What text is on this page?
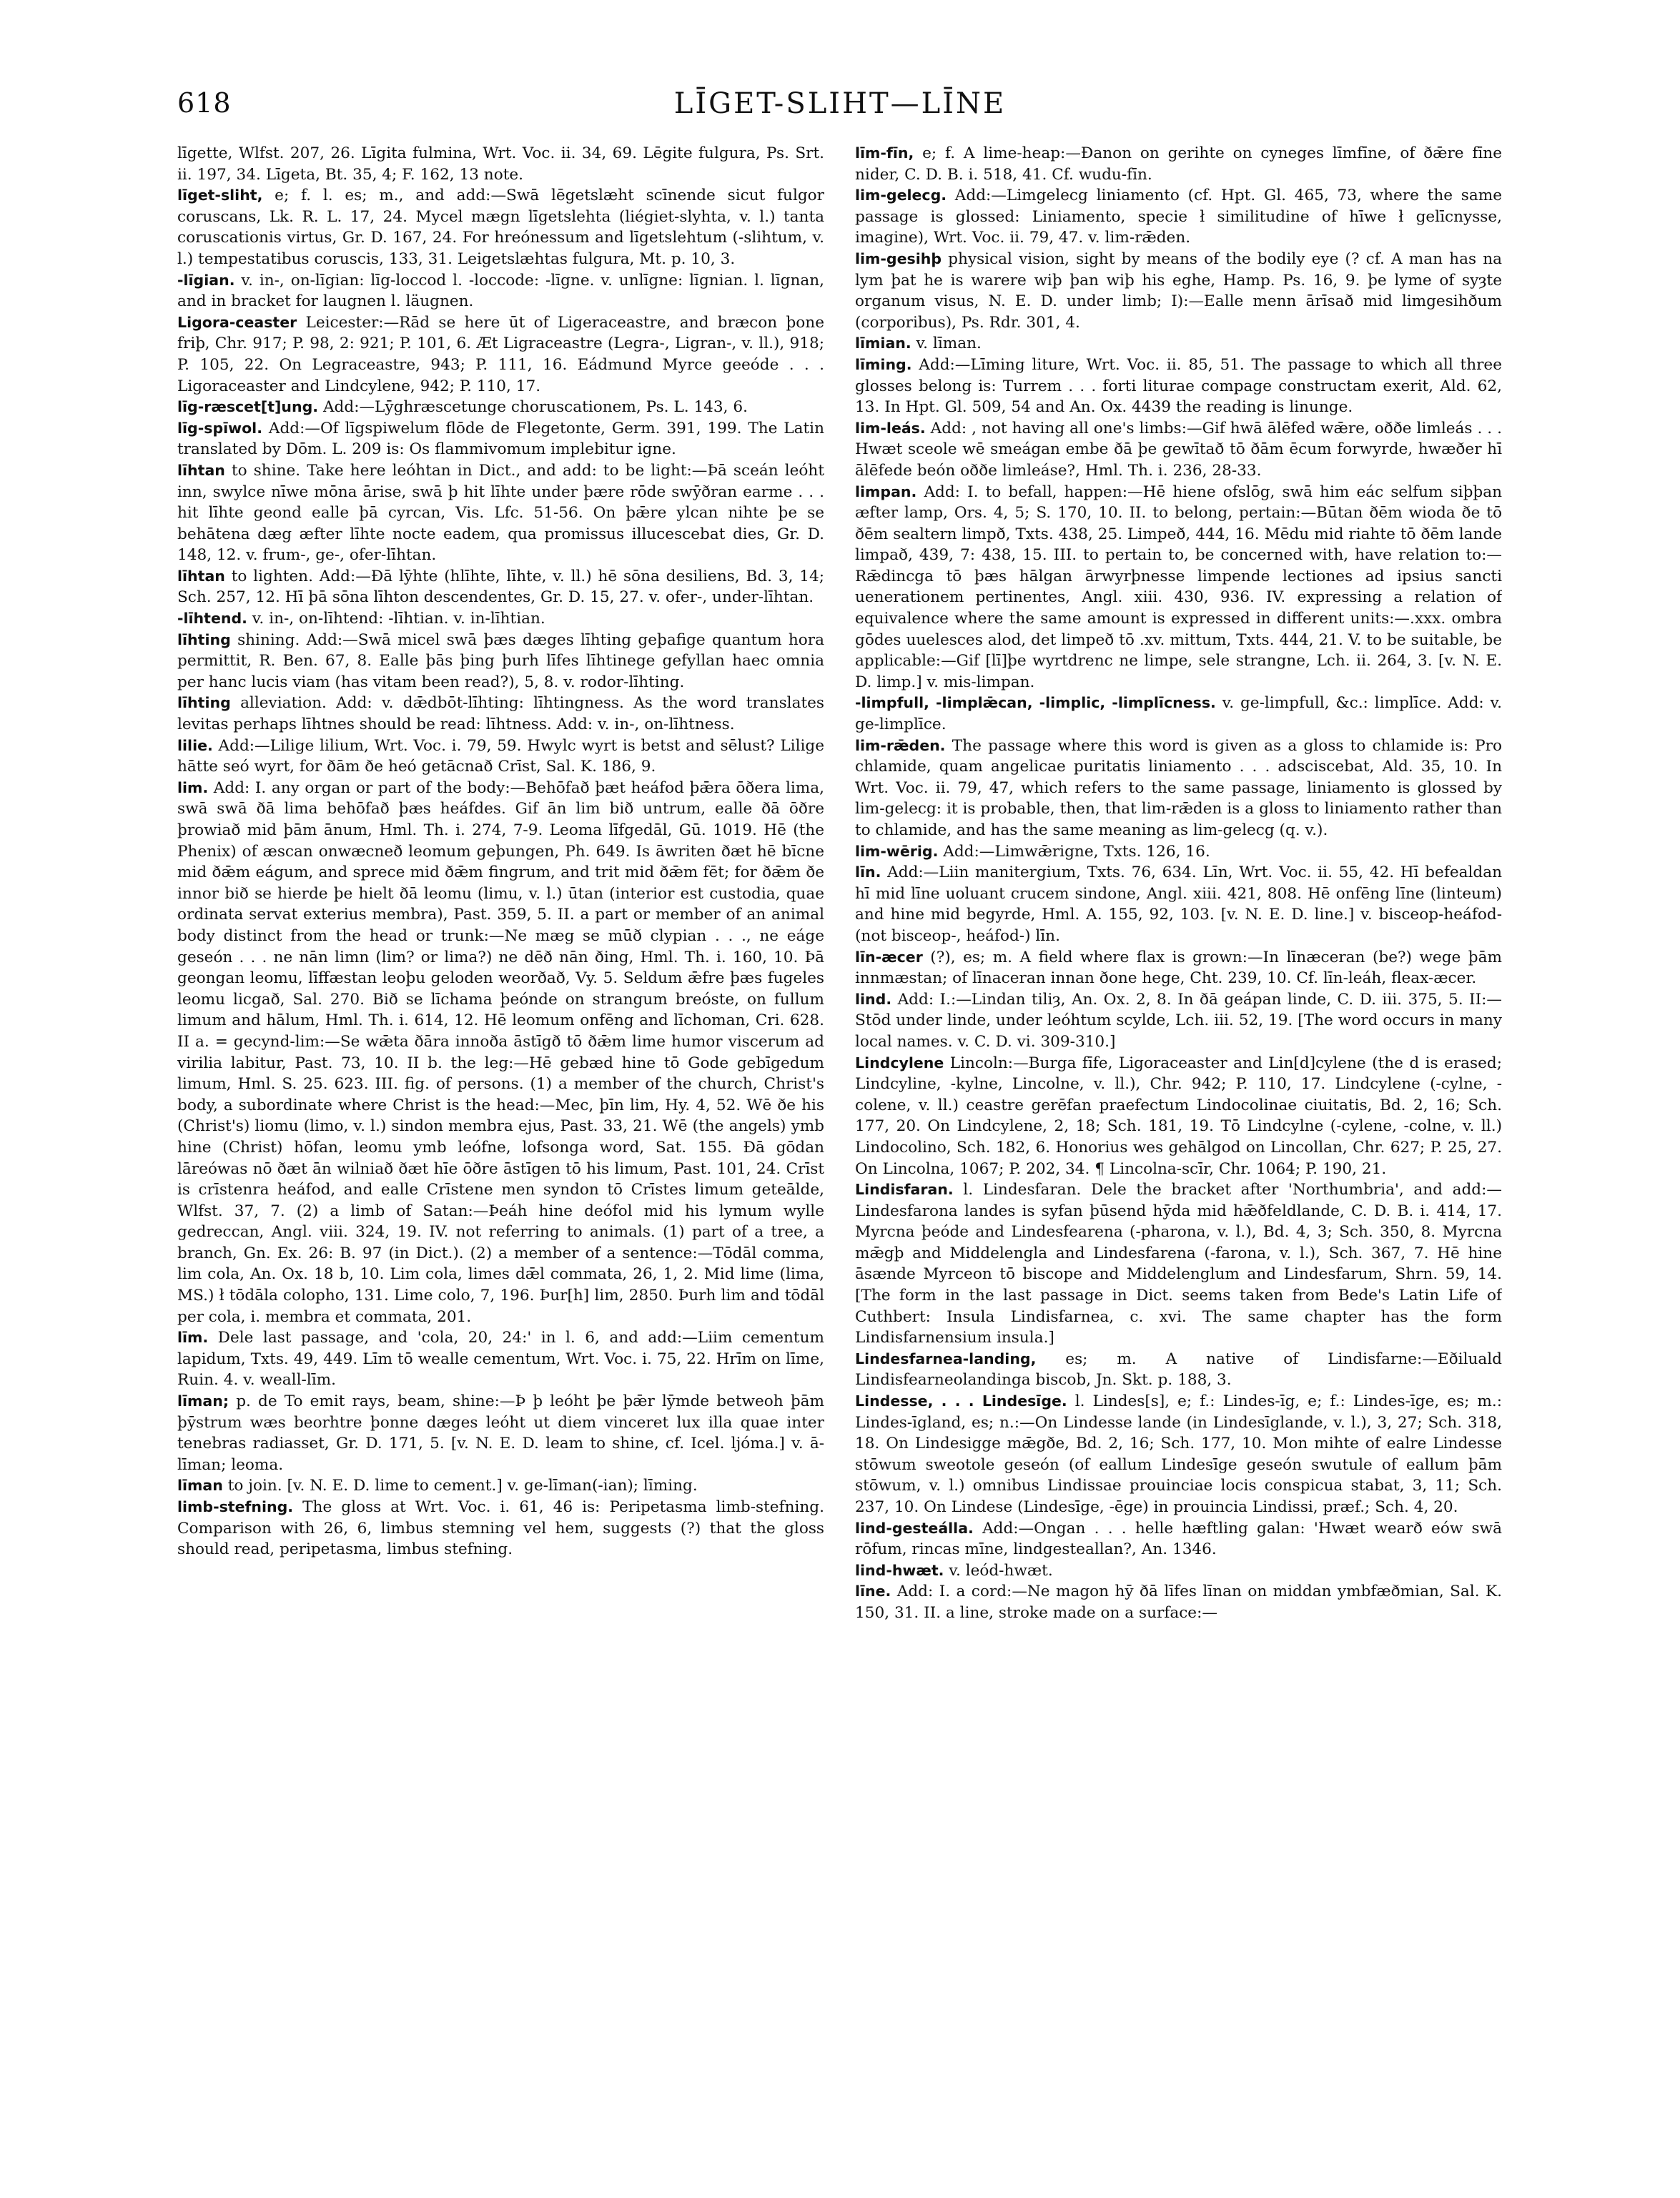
618	LĪGET-SLIHT—LĪNE

līgette, Wlfst. 207, 26. Līgita fulmina, Wrt. Voc. ii. 34, 69. Lēgite fulgura, Ps. Srt. ii. 197, 34. Līgeta, Bt. 35, 4; F. 162, 13 note.

līget-sliht, e; f. l. es; m., and add:—Swā lēgetslæht scīnende sicut fulgor coruscans, Lk. R. L. 17, 24. Mycel mægn līgetslehta (liégiet-slyhta, v. l.) tanta coruscationis virtus, Gr. D. 167, 24. For hreónessum and līgetslehtum (-slihtum, v. l.) tempestatibus coruscis, 133, 31. Leigetslæhtas fulgura, Mt. p. 10, 3.

-līgian. v. in-, on-līgian: līg-loccod l. -loccode: -līgne. v. unlīgne: līgnian. l. līgnan, and in bracket for laugnen l. läugnen.

Ligora-ceaster Leicester:—Rād se here ūt of Ligeraceastre, and bræcon þone friþ, Chr. 917; P. 98, 2: 921; P. 101, 6. Æt Ligraceastre (Legra-, Ligran-, v. ll.), 918; P. 105, 22. On Legraceastre, 943; P. 111, 16. Eádmund Myrce geeóde . . . Ligoraceaster and Lindcylene, 942; P. 110, 17.

līg-ræscet[t]ung. Add:—Lȳghræscetunge choruscationem, Ps. L. 143, 6.

līg-spīwol. Add:—Of līgspiwelum flōde de Flegetonte, Germ. 391, 199. The Latin translated by Dōm. L. 209 is: Os flammivomum implebitur igne.

līhtan to shine. Take here leóhtan in Dict., and add: to be light:—Þā sceán leóht inn, swylce nīwe mōna ārise, swā þ hit līhte under þære rōde swȳðran earme . . . hit līhte geond ealle þā cyrcan, Vis. Lfc. 51-56. On þǣre ylcan nihte þe se behātena dæg æfter līhte nocte eadem, qua promissus illucescebat dies, Gr. D. 148, 12. v. frum-, ge-, ofer-līhtan.

līhtan to lighten. Add:—Ðā lȳhte (hlīhte, līhte, v. ll.) hē sōna desiliens, Bd. 3, 14; Sch. 257, 12. Hī þā sōna līhton descendentes, Gr. D. 15, 27. v. ofer-, under-līhtan.

-līhtend. v. in-, on-līhtend: -līhtian. v. in-līhtian.

līhting shining. Add:—Swā micel swā þæs dæges līhting geþafige quantum hora permittit, R. Ben. 67, 8. Ealle þās þing þurh līfes līhtinege gefyllan haec omnia per hanc lucis viam (has vitam been read?), 5, 8. v. rodor-līhting.

līhting alleviation. Add: v. dǣdbōt-līhting: līhtingness. As the word translates levitas perhaps līhtnes should be read: līhtness. Add: v. in-, on-līhtness.

lilie. Add:—Lilige lilium, Wrt. Voc. i. 79, 59. Hwylc wyrt is betst and sēlust? Lilige hātte seó wyrt, for ðām ðe heó getācnað Crīst, Sal. K. 186, 9.

lim. Add: I. any organ or part of the body:—Behōfað þæt heáfod þǣra ōðera lima, swā swā ðā lima behōfað þæs heáfdes. Gif ān lim bið untrum, ealle ðā ōðre þrowiað mid þām ānum, Hml. Th. i. 274, 7-9. Leoma līfgedāl, Gū. 1019. Hē (the Phenix) of æscan onwæcneð leomum geþungen, Ph. 649. Is āwriten ðæt hē bīcne mid ðǣm eágum, and sprece mid ðǣm fingrum, and trit mid ðǣm fēt; for ðǣm ðe innor bið se hierde þe hielt ðā leomu (limu, v. l.) ūtan (interior est custodia, quae ordinata servat exterius membra), Past. 359, 5. II. a part or member of an animal body distinct from the head or trunk:—Ne mæg se mūð clypian . . ., ne eáge geseón . . . ne nān limn (lim? or lima?) ne dēð nān ðing, Hml. Th. i. 160, 10. Þā geongan leomu, līffæstan leoþu geloden weorðað, Vy. 5. Seldum ǣfre þæs fugeles leomu licgað, Sal. 270. Bið se līchama þeónde on strangum breóste, on fullum limum and hālum, Hml. Th. i. 614, 12. Hē leomum onfēng and līchoman, Cri. 628. II a. = gecynd-lim:—Se wǣta ðāra innoða āstīgð tō ðǣm lime humor viscerum ad virilia labitur, Past. 73, 10. II b. the leg:—Hē gebæd hine tō Gode gebīgedum limum, Hml. S. 25. 623. III. fig. of persons. (1) a member of the church, Christ's body, a subordinate where Christ is the head:—Mec, þīn lim, Hy. 4, 52. Wē ðe his (Christ's) liomu (limo, v. l.) sindon membra ejus, Past. 33, 21. Wē (the angels) ymb hine (Christ) hōfan, leomu ymb leófne, lofsonga word, Sat. 155. Ðā gōdan lāreówas nō ðæt ān wilniað ðæt hīe ōðre āstīgen tō his limum, Past. 101, 24. Crīst is crīstenra heáfod, and ealle Crīstene men syndon tō Crīstes limum geteālde, Wlfst. 37, 7. (2) a limb of Satan:—Þeáh hine deófol mid his lymum wylle gedreccan, Angl. viii. 324, 19. IV. not referring to animals. (1) part of a tree, a branch, Gn. Ex. 26: B. 97 (in Dict.). (2) a member of a sentence:—Tōdāl comma, lim cola, An. Ox. 18 b, 10. Lim cola, limes dǣl commata, 26, 1, 2. Mid lime (lima, MS.) ł tōdāla colopho, 131. Lime colo, 7, 196. Þur[h] lim, 2850. Þurh lim and tōdāl per cola, i. membra et commata, 201.

līm. Dele last passage, and 'cola, 20, 24:' in l. 6, and add:—Liim cementum lapidum, Txts. 49, 449. Līm tō wealle cementum, Wrt. Voc. i. 75, 22. Hrīm on līme, Ruin. 4. v. weall-līm.

līman; p. de To emit rays, beam, shine:—Þ þ leóht þe þǣr lȳmde betweoh þām þȳstrum wæs beorhtre þonne dæges leóht ut diem vinceret lux illa quae inter tenebras radiasset, Gr. D. 171, 5. [v. N. E. D. leam to shine, cf. Icel. ljóma.] v. ā-līman; leoma.

līman to join. [v. N. E. D. lime to cement.] v. ge-līman(-ian); līming.

limb-stefning. The gloss at Wrt. Voc. i. 61, 46 is: Peripetasma limb-stefning. Comparison with 26, 6, limbus stemning vel hem, suggests (?) that the gloss should read, peripetasma, limbus stefning.

līm-fīn, e; f. A lime-heap:—Ðanon on gerihte on cyneges līmfīne, of ðǣre fīne nider, C. D. B. i. 518, 41. Cf. wudu-fīn.

lim-gelecg. Add:—Limgelecg liniamento (cf. Hpt. Gl. 465, 73, where the same passage is glossed: Liniamento, specie ł similitudine of hīwe ł gelīcnysse, imagine), Wrt. Voc. ii. 79, 47. v. lim-rǣden.

lim-gesihþ physical vision, sight by means of the bodily eye (? cf. A man has na lym þat he is warere wiþ þan wiþ his eghe, Hamp. Ps. 16, 9. þe lyme of syȝte organum visus, N. E. D. under limb; I):—Ealle menn ārīsað mid limgesihðum (corporibus), Ps. Rdr. 301, 4.

līmian. v. līman.

līming. Add:—Līming liture, Wrt. Voc. ii. 85, 51. The passage to which all three glosses belong is: Turrem . . . forti liturae compage constructam exerit, Ald. 62, 13. In Hpt. Gl. 509, 54 and An. Ox. 4439 the reading is linunge.

lim-leás. Add: , not having all one's limbs:—Gif hwā ālēfed wǣre, oððe limleás . . . Hwæt sceole wē smeágan embe ðā þe gewītað tō ðām ēcum forwyrde, hwæðer hī ālēfede beón oððe limleáse?, Hml. Th. i. 236, 28-33.

limpan. Add: I. to befall, happen:—Hē hiene ofslōg, swā him eác selfum siþþan æfter lamp, Ors. 4, 5; S. 170, 10. II. to belong, pertain:—Būtan ðēm wioda ðe tō ðēm sealtern limpð, Txts. 438, 25. Limpeð, 444, 16. Mēdu mid riahte tō ðēm lande limpað, 439, 7: 438, 15. III. to pertain to, be concerned with, have relation to:—Rǣdincga tō þæs hālgan ārwyrþnesse limpende lectiones ad ipsius sancti uenerationem pertinentes, Angl. xiii. 430, 936. IV. expressing a relation of equivalence where the same amount is expressed in different units:—.xxx. ombra gōdes uuelesces alod, det limpeð tō .xv. mittum, Txts. 444, 21. V. to be suitable, be applicable:—Gif [lī]þe wyrtdrenc ne limpe, sele strangne, Lch. ii. 264, 3. [v. N. E. D. limp.] v. mis-limpan.

-limpfull, -limplǣcan, -limplic, -limplīcness. v. ge-limpfull, &c.: limplīce. Add: v. ge-limplīce.

lim-rǣden. The passage where this word is given as a gloss to chlamide is: Pro chlamide, quam angelicae puritatis liniamento . . . adsciscebat, Ald. 35, 10. In Wrt. Voc. ii. 79, 47, which refers to the same passage, liniamento is glossed by lim-gelecg: it is probable, then, that lim-rǣden is a gloss to liniamento rather than to chlamide, and has the same meaning as lim-gelecg (q. v.).

lim-wērig. Add:—Limwǣrigne, Txts. 126, 16.

līn. Add:—Liin manitergium, Txts. 76, 634. Līn, Wrt. Voc. ii. 55, 42. Hī befealdan hī mid līne uoluant crucem sindone, Angl. xiii. 421, 808. Hē onfēng līne (linteum) and hine mid begyrde, Hml. A. 155, 92, 103. [v. N. E. D. line.] v. bisceop-heáfod- (not bisceop-, heáfod-) līn.

līn-æcer (?), es; m. A field where flax is grown:—In līnæceran (be?) wege þām innmæstan; of līnaceran innan ðone hege, Cht. 239, 10. Cf. līn-leáh, fleax-æcer.

lind. Add: I.:—Lindan tiliȝ, An. Ox. 2, 8. In ðā geápan linde, C. D. iii. 375, 5. II:—Stōd under linde, under leóhtum scylde, Lch. iii. 52, 19. [The word occurs in many local names. v. C. D. vi. 309-310.]

Lindcylene Lincoln:—Burga fīfe, Ligoraceaster and Lin[d]cylene (the d is erased; Lindcyline, -kylne, Lincolne, v. ll.), Chr. 942; P. 110, 17. Lindcylene (-cylne, -colene, v. ll.) ceastre gerēfan praefectum Lindocolinae ciuitatis, Bd. 2, 16; Sch. 177, 20. On Lindcylene, 2, 18; Sch. 181, 19. Tō Lindcylne (-cylene, -colne, v. ll.) Lindocolino, Sch. 182, 6. Honorius wes gehālgod on Lincollan, Chr. 627; P. 25, 27. On Lincolna, 1067; P. 202, 34. ¶ Lincolna-scīr, Chr. 1064; P. 190, 21.

Lindisfaran. l. Lindesfaran. Dele the bracket after 'Northumbria', and add:—Lindesfarona landes is syfan þūsend hȳda mid hǣðfeldlande, C. D. B. i. 414, 17. Myrcna þeóde and Lindesfearena (-pharona, v. l.), Bd. 4, 3; Sch. 350, 8. Myrcna mǣgþ and Middelengla and Lindesfarena (-farona, v. l.), Sch. 367, 7. Hē hine āsænde Myrceon tō biscope and Middelenglum and Lindesfarum, Shrn. 59, 14. [The form in the last passage in Dict. seems taken from Bede's Latin Life of Cuthbert: Insula Lindisfarnea, c. xvi. The same chapter has the form Lindisfarnensium insula.]

Lindesfarnea-landing, es; m. A native of Lindisfarne:—Eðiluald Lindisfearneolandinga biscob, Jn. Skt. p. 188, 3.

Lindesse, . . . Lindesīge. l. Lindes[s], e; f.: Lindes-īg, e; f.: Lindes-īge, es; m.: Lindes-īgland, es; n.:—On Lindesse lande (in Lindesīglande, v. l.), 3, 27; Sch. 318, 18. On Lindesigge mǣgðe, Bd. 2, 16; Sch. 177, 10. Mon mihte of ealre Lindesse stōwum sweotole geseón (of eallum Lindesīge geseón swutule of eallum þām stōwum, v. l.) omnibus Lindissae prouinciae locis conspicua stabat, 3, 11; Sch. 237, 10. On Lindese (Lindesīge, -ēge) in prouincia Lindissi, præf.; Sch. 4, 20.

lind-gesteálla. Add:—Ongan . . . helle hæftling galan: 'Hwæt wearð eów swā rōfum, rincas mīne, lindgesteallan?, An. 1346.

lind-hwæt. v. leód-hwæt.

līne. Add: I. a cord:—Ne magon hȳ ðā līfes līnan on middan ymbfæðmian, Sal. K. 150, 31. II. a line, stroke made on a surface:—
